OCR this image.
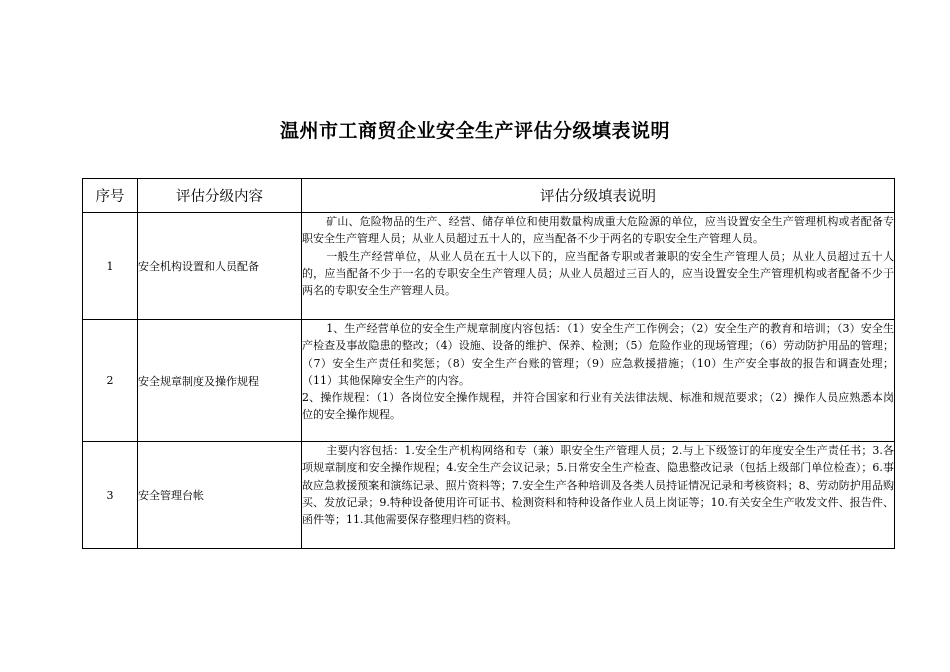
温州市工商贸企业安全生产评估分级填表说明
序号	评估分级内容	评估分级填表说明
1	安全机构设置和人员配备	矿山、危险物品的生产、经营、储存单位和使用数量构成重大危险源的单位，应当设置安全生产管理机构或者配备专职安全生产管理人员；从业人员超过五十人的，应当配备不少于两名的专职安全生产管理人员。

一般生产经营单位，从业人员在五十人以下的，应当配备专职或者兼职的安全生产管理人员；从业人员超过五十人的，应当配备不少于一名的专职安全生产管理人员；从业人员超过三百人的，应当设置安全生产管理机构或者配备不少于两名的专职安全生产管理人员。

2	安全规章制度及操作规程	1、生产经营单位的安全生产规章制度内容包括：（1）安全生产工作例会；（2）安全生产的教育和培训；（3）安全生产检查及事故隐患的整改；（4）设施、设备的维护、保养、检测；（5）危险作业的现场管理；（6）劳动防护用品的管理；（7）安全生产责任和奖惩；（8）安全生产台账的管理；（9）应急救援措施；（10）生产安全事故的报告和调查处理；（11）其他保障安全生产的内容。

2、操作规程：（1）各岗位安全操作规程，并符合国家和行业有关法律法规、标准和规范要求；（2）操作人员应熟悉本岗位的安全操作规程。

3	安全管理台帐	主要内容包括：1.安全生产机构网络和专（兼）职安全生产管理人员；2.与上下级签订的年度安全生产责任书；3.各项规章制度和安全操作规程；4.安全生产会议记录；5.日常安全生产检查、隐患整改记录（包括上级部门单位检查）；6.事故应急救援预案和演练记录、照片资料等；7.安全生产各种培训及各类人员持证情况记录和考核资料；8、劳动防护用品购买、发放记录；9.特种设备使用许可证书、检测资料和特种设备作业人员上岗证等；10.有关安全生产收发文件、报告件、函件等；11.其他需要保存整理归档的资料。
